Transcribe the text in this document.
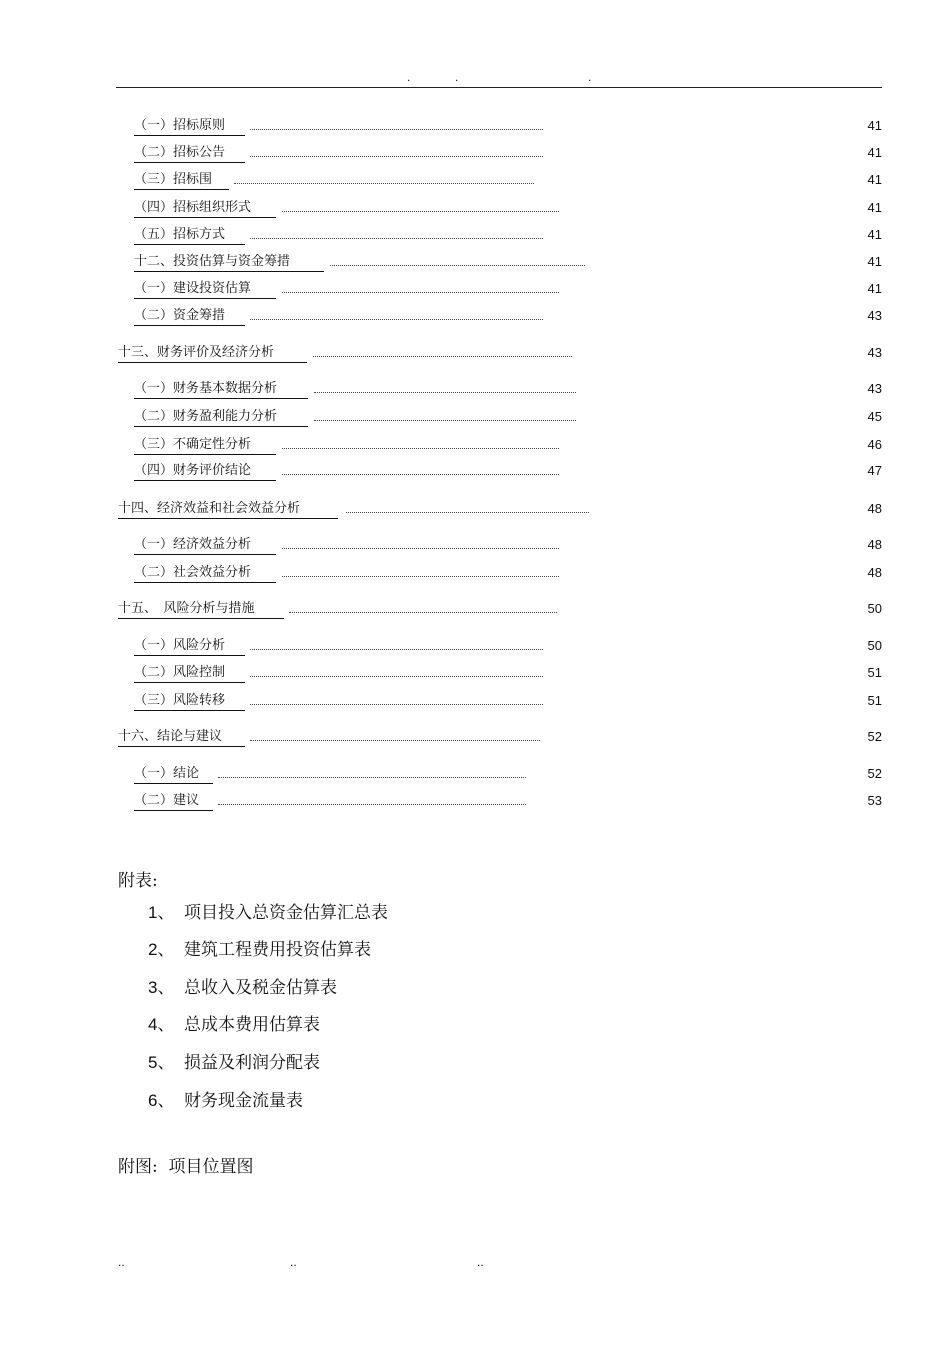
.	.	.
（一）招标原则	41
（二）招标公告	41
（三）招标围	41
（四）招标组织形式	41
（五）招标方式	41
十二、投资估算与资金筹措	41
（一）建设投资估算	41
（二）资金筹措	43
十三、财务评价及经济分析	43
（一）财务基本数据分析	43
（二）财务盈利能力分析	45
（三）不确定性分析	46
（四）财务评价结论	47
十四、经济效益和社会效益分析	48
（一）经济效益分析	48
（二）社会效益分析	48
十五、　风险分析与措施	50
（一）风险分析	50
（二）风险控制	51
（三）风险转移	51
十六、结论与建议	52
（一）结论	52
（二）建议	53
附表:
1、 项目投入总资金估算汇总表
2、 建筑工程费用投资估算表
3、 总收入及税金估算表
4、 总成本费用估算表
5、 损益及利润分配表
6、 财务现金流量表
附图: 项目位置图
..	..	..
